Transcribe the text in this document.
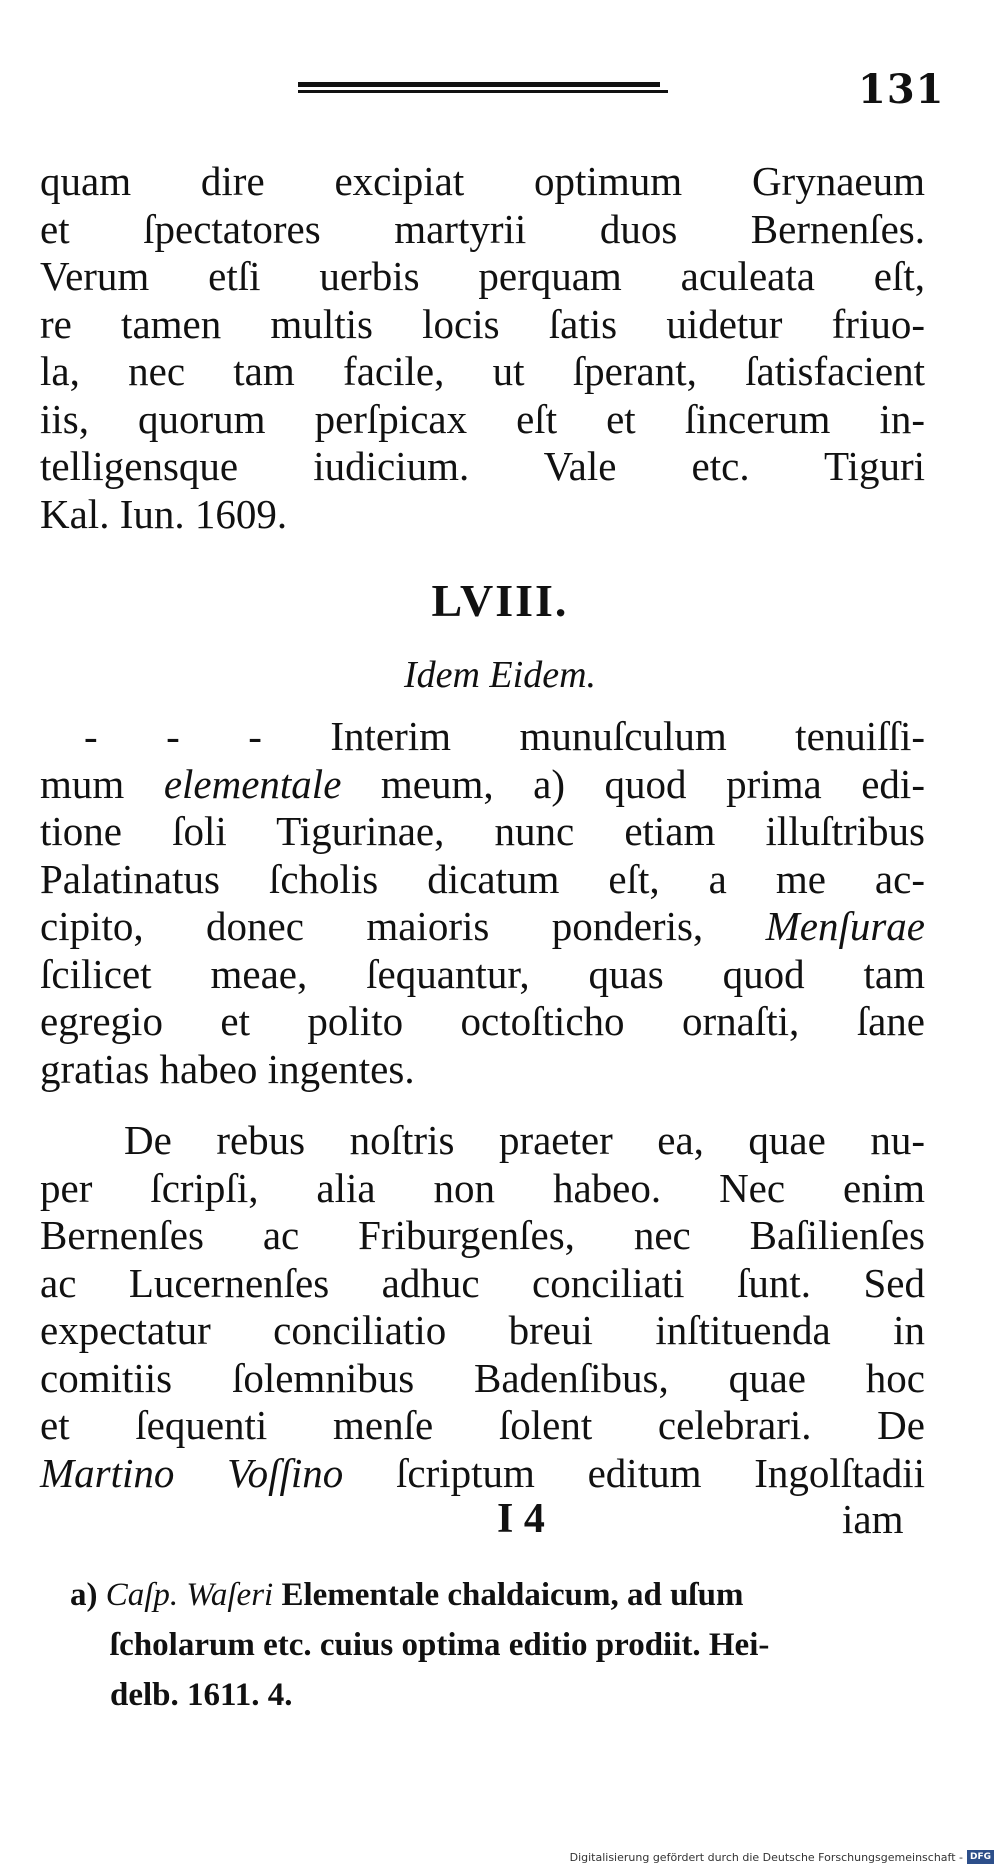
131
quam dire excipiat optimum Grynaeum
et ſpectatores martyrii duos Bernenſes.
Verum etſi uerbis perquam aculeata eſt,
re tamen multis locis ſatis uidetur friuo-
la, nec tam facile, ut ſperant, ſatisfacient
iis, quorum perſpicax eſt et ſincerum in-
telligensque iudicium. Vale etc. Tiguri
Kal. Iun. 1609.
LVIII.
Idem Eidem.
- - - Interim munuſculum tenuiſſi-
mum elementale meum, a) quod prima edi-
tione ſoli Tigurinae, nunc etiam illuſtribus
Palatinatus ſcholis dicatum eſt, a me ac-
cipito, donec maioris ponderis, Menſurae
ſcilicet meae, ſequantur, quas quod tam
egregio et polito octoſticho ornaſti, ſane
gratias habeo ingentes.
De rebus noſtris praeter ea, quae nu-
per ſcripſi, alia non habeo. Nec enim
Bernenſes ac Friburgenſes, nec Baſilienſes
ac Lucernenſes adhuc conciliati ſunt. Sed
expectatur conciliatio breui inſtituenda in
comitiis ſolemnibus Badenſibus, quae hoc
et ſequenti menſe ſolent celebrari. De
Martino Voſſino ſcriptum editum Ingolſtadii
I 4	iam
a) Caſp. Waſeri Elementale chaldaicum, ad uſum
ſcholarum etc. cuius optima editio prodiit. Hei-
delb. 1611. 4.
Digitalisierung gefördert durch die Deutsche Forschungsgemeinschaft - DFG
